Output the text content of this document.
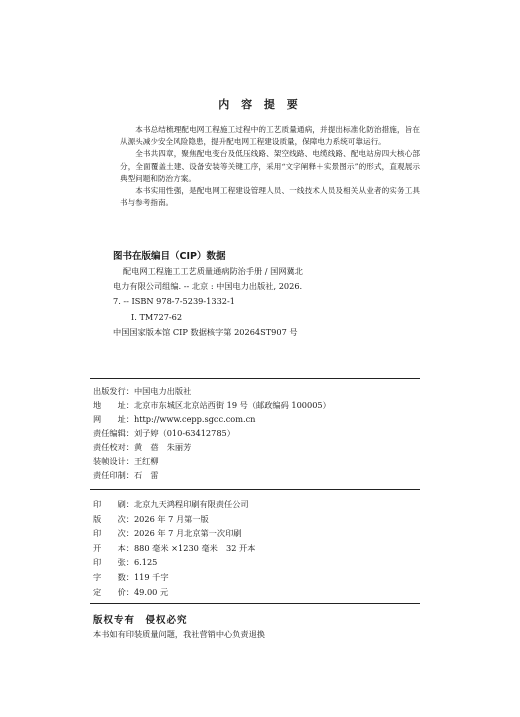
内 容 提 要

本书总结梳理配电网工程施工过程中的工艺质量通病，并提出标准化防治措施，旨在从源头减少安全风险隐患，提升配电网工程建设质量，保障电力系统可靠运行。

全书共四章，聚焦配电变台及低压线路、架空线路、电缆线路、配电站房四大核心部分，全面覆盖土建、设备安装等关键工序，采用“文字阐释＋实景图示”的形式，直观展示典型问题和防治方案。

本书实用性强，是配电网工程建设管理人员、一线技术人员及相关从业者的实务工具书与参考指南。

图书在版编目（CIP）数据
配电网工程施工工艺质量通病防治手册 / 国网冀北
电力有限公司组编. -- 北京 : 中国电力出版社, 2026.
7. -- ISBN 978-7-5239-1332-1
Ⅰ. TM727-62
中国国家版本馆 CIP 数据核字第 20264ST907 号
出版发行： 中国电力出版社
地　　址： 北京市东城区北京站西街 19 号（邮政编码 100005）
网　　址： http://www.cepp.sgcc.com.cn
责任编辑： 刘子婷（010-63412785）
责任校对： 黄　蓓　朱丽芳
装帧设计： 王红柳
责任印制： 石　雷
印　　刷： 北京九天鸿程印刷有限责任公司
版　　次： 2026 年 7 月第一版
印　　次： 2026 年 7 月北京第一次印刷
开　　本： 880 毫米 ×1230 毫米　32 开本
印　　张： 6.125
字　　数： 119 千字
定　　价： 49.00 元
版权专有　侵权必究
本书如有印装质量问题，我社营销中心负责退换
